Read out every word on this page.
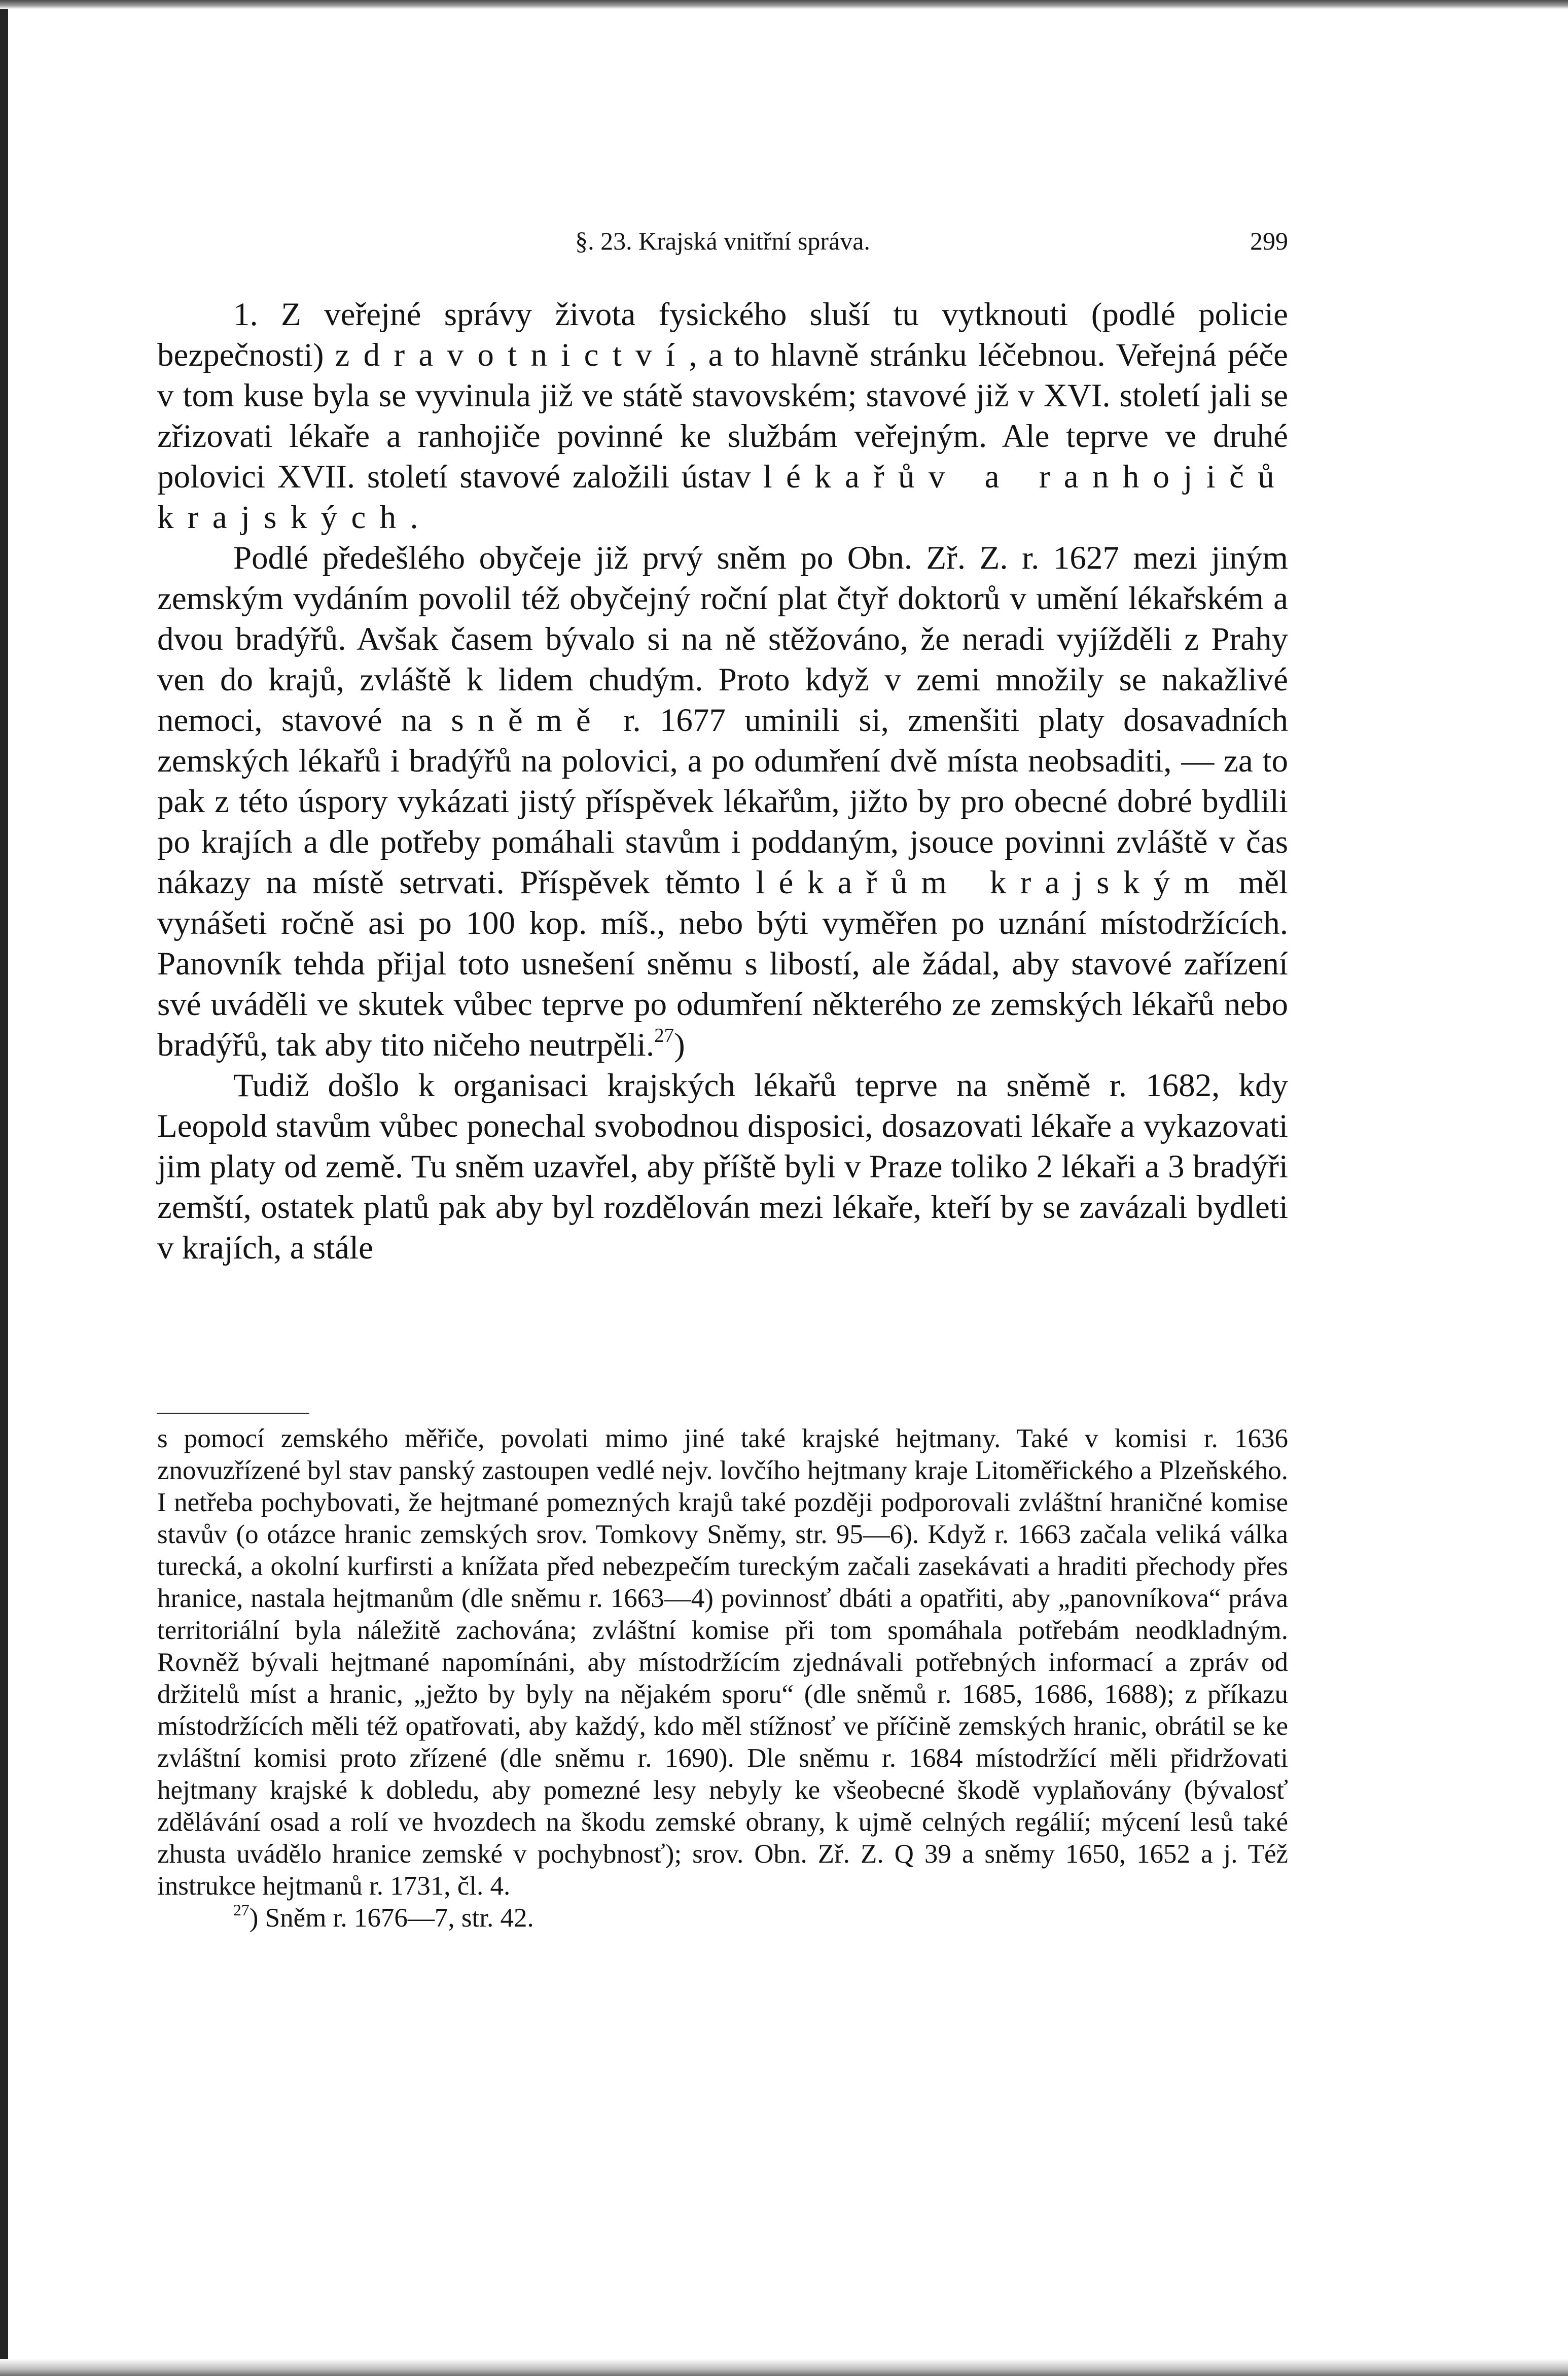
§. 23. Krajská vnitřní správa.	299

1. Z veřejné správy života fysického sluší tu vytknouti (podlé policie bezpečnosti) zdravotnictví, a to hlavně stránku léčebnou. Veřejná péče v tom kuse byla se vyvinula již ve státě stavovském; stavové již v XVI. století jali se zřizovati lékaře a ranhojiče povinné ke službám veřejným. Ale teprve ve druhé polovici XVII. století stavové založili ústav lékařův a ranhojičů krajských.

Podlé předešlého obyčeje již prvý sněm po Obn. Zř. Z. r. 1627 mezi jiným zemským vydáním povolil též obyčejný roční plat čtyř doktorů v umění lékařském a dvou bradýřů. Avšak časem bývalo si na ně stěžováno, že neradi vyjížděli z Prahy ven do krajů, zvláště k lidem chudým. Proto když v zemi množily se nakažlivé nemoci, stavové na sněmě r. 1677 uminili si, zmenšiti platy dosavadních zemských lékařů i bradýřů na polovici, a po odumření dvě místa neobsaditi, — za to pak z této úspory vykázati jistý příspěvek lékařům, jižto by pro obecné dobré bydlili po krajích a dle potřeby pomáhali stavům i poddaným, jsouce povinni zvláště v čas nákazy na místě setrvati. Příspěvek těmto lékařům krajským měl vynášeti ročně asi po 100 kop. míš., nebo býti vyměřen po uznání místodržících. Panovník tehda přijal toto usnešení sněmu s libostí, ale žádal, aby stavové zařízení své uváděli ve skutek vůbec teprve po odumření některého ze zemských lékařů nebo bradýřů, tak aby tito ničeho neutrpěli.$^{27}$)

Tudiž došlo k organisaci krajských lékařů teprve na sněmě r. 1682, kdy Leopold stavům vůbec ponechal svobodnou disposici, dosazovati lékaře a vykazovati jim platy od země. Tu sněm uzavřel, aby příště byli v Praze toliko 2 lékaři a 3 bradýři zemští, ostatek platů pak aby byl rozdělován mezi lékaře, kteří by se zavázali bydleti v krajích, a stále

s pomocí zemského měřiče, povolati mimo jiné také krajské hejtmany. Také v komisi r. 1636 znovuzřízené byl stav panský zastoupen vedlé nejv. lovčího hejtmany kraje Litoměřického a Plzeňského. I netřeba pochybovati, že hejtmané pomezných krajů také později podporovali zvláštní hraničné komise stavův (o otázce hranic zemských srov. Tomkovy Sněmy, str. 95—6). Když r. 1663 začala veliká válka turecká, a okolní kurfirsti a knížata před nebezpečím tureckým začali zasekávati a hraditi přechody přes hranice, nastala hejtmanům (dle sněmu r. 1663—4) povinnosť dbáti a opatřiti, aby „panovníkova“ práva territoriální byla náležitě zachována; zvláštní komise při tom spomáhala potřebám neodkladným. Rovněž bývali hejtmané napomínáni, aby místodržícím zjednávali potřebných informací a zpráv od držitelů míst a hranic, „ježto by byly na nějakém sporu“ (dle sněmů r. 1685, 1686, 1688); z příkazu místodržících měli též opatřovati, aby každý, kdo měl stížnosť ve příčině zemských hranic, obrátil se ke zvláštní komisi proto zřízené (dle sněmu r. 1690). Dle sněmu r. 1684 místodržící měli přidržovati hejtmany krajské k dobledu, aby pomezné lesy nebyly ke všeobecné škodě vyplaňovány (bývalosť zdělávání osad a rolí ve hvozdech na škodu zemské obrany, k ujmě celných regálií; mýcení lesů také zhusta uvádělo hranice zemské v pochybnosť); srov. Obn. Zř. Z. Q 39 a sněmy 1650, 1652 a j. Též instrukce hejtmanů r. 1731, čl. 4.

$^{27}$) Sněm r. 1676—7, str. 42.
